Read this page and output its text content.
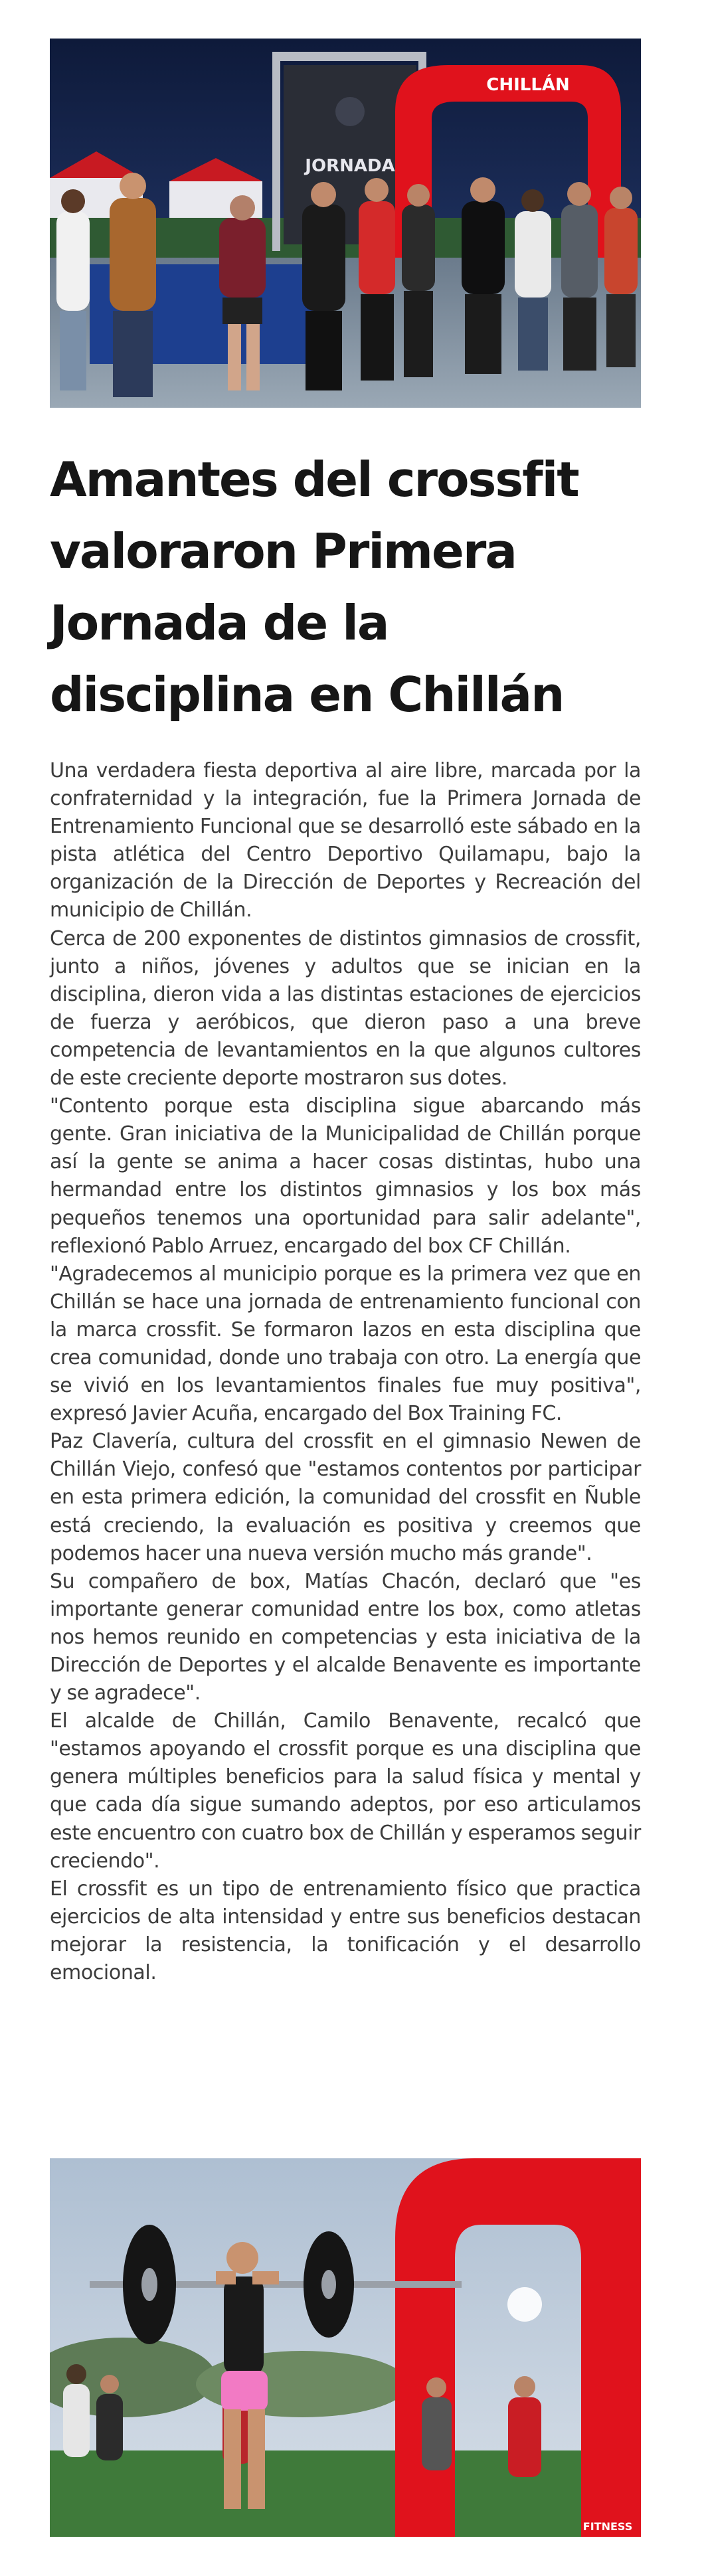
JORNADA
CHILLÁN
Amantes del crossfit
valoraron Primera
Jornada de la
disciplina en Chillán

Una verdadera fiesta deportiva al aire libre, marcada por la confraternidad y la integración, fue la Primera Jornada de Entrenamiento Funcional que se desarrolló este sábado en la pista atlética del Centro Deportivo Quilamapu, bajo la organización de la Dirección de Deportes y Recreación del municipio de Chillán.

Cerca de 200 exponentes de distintos gimnasios de crossfit, junto a niños, jóvenes y adultos que se inician en la disciplina, dieron vida a las distintas estaciones de ejercicios de fuerza y aeróbicos, que dieron paso a una breve competencia de levantamientos en la que algunos cultores de este creciente deporte mostraron sus dotes.

"Contento porque esta disciplina sigue abarcando más gente. Gran iniciativa de la Municipalidad de Chillán porque así la gente se anima a hacer cosas distintas, hubo una hermandad entre los distintos gimnasios y los box más pequeños tenemos una oportunidad para salir adelante", reflexionó Pablo Arruez, encargado del box CF Chillán.

"Agradecemos al municipio porque es la primera vez que en Chillán se hace una jornada de entrenamiento funcional con la marca crossfit. Se formaron lazos en esta disciplina que crea comunidad, donde uno trabaja con otro. La energía que se vivió en los levantamientos finales fue muy positiva", expresó Javier Acuña, encargado del Box Training FC.

Paz Clavería, cultura del crossfit en el gimnasio Newen de Chillán Viejo, confesó que "estamos contentos por participar en esta primera edición, la comunidad del crossfit en Ñuble está creciendo, la evaluación es positiva y creemos que podemos hacer una nueva versión mucho más grande".

Su compañero de box, Matías Chacón, declaró que "es importante generar comunidad entre los box, como atletas nos hemos reunido en competencias y esta iniciativa de la Dirección de Deportes y el alcalde Benavente es importante y se agradece".

El alcalde de Chillán, Camilo Benavente, recalcó que "estamos apoyando el crossfit porque es una disciplina que genera múltiples beneficios para la salud física y mental y que cada día sigue sumando adeptos, por eso articulamos este encuentro con cuatro box de Chillán y esperamos seguir creciendo".

El crossfit es un tipo de entrenamiento físico que practica ejercicios de alta intensidad y entre sus beneficios destacan mejorar la resistencia, la tonificación y el desarrollo emocional.

FITNESS
